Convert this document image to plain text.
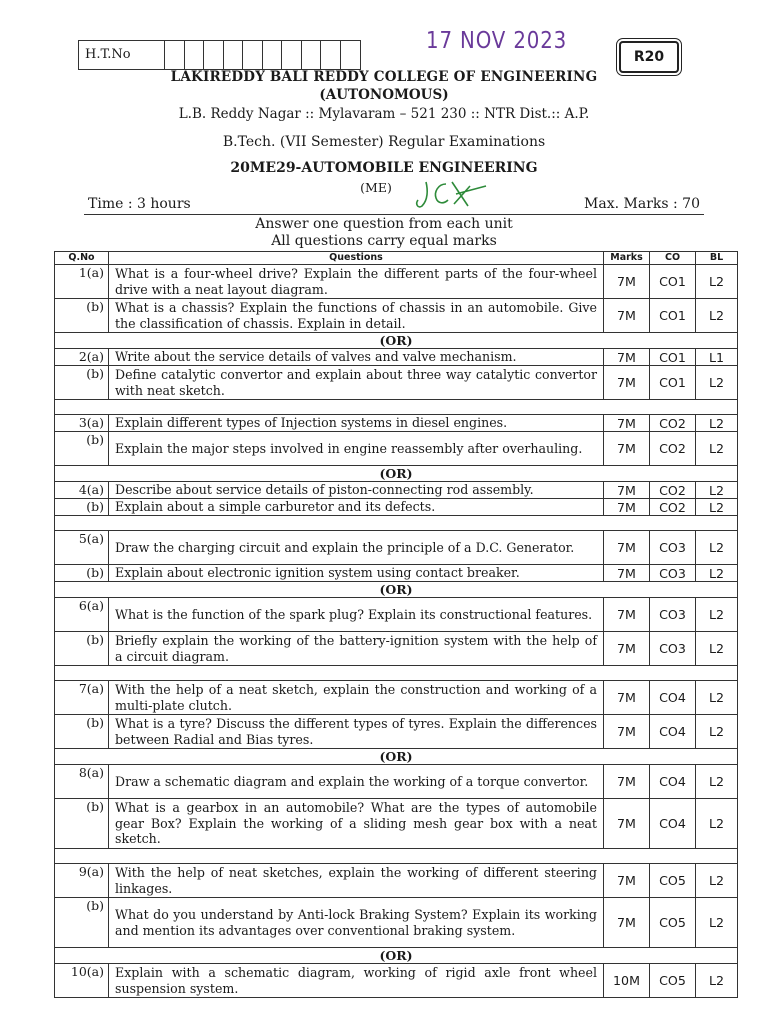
H.T.No
17 NOV 2023
R20
LAKIREDDY BALI REDDY COLLEGE OF ENGINEERING
(AUTONOMOUS)
L.B. Reddy Nagar :: Mylavaram – 521 230 :: NTR Dist.:: A.P.
B.Tech. (VII Semester) Regular Examinations
20ME29-AUTOMOBILE ENGINEERING
(ME)
Time : 3 hours	Max. Marks : 70
Answer one question from each unit
All questions carry equal marks
Q.No	Questions	Marks	CO	BL
1(a)	What is a four-wheel drive? Explain the different parts of the four-wheel drive with a neat layout diagram.	7M	CO1	L2
(b)	What is a chassis? Explain the functions of chassis in an automobile. Give the classification of chassis. Explain in detail.	7M	CO1	L2
(OR)				
2(a)	Write about the service details of valves and valve mechanism.	7M	CO1	L1
(b)	Define catalytic convertor and explain about three way catalytic convertor with neat sketch.	7M	CO1	L2

3(a)	Explain different types of Injection systems in diesel engines.	7M	CO2	L2
(b)	Explain the major steps involved in engine reassembly after overhauling.	7M	CO2	L2
(OR)				
4(a)	Describe about service details of piston-connecting rod assembly.	7M	CO2	L2
(b)	Explain about a simple carburetor and its defects.	7M	CO2	L2

5(a)	Draw the charging circuit and explain the principle of a D.C. Generator.	7M	CO3	L2
(b)	Explain about electronic ignition system using contact breaker.	7M	CO3	L2
(OR)				
6(a)	What is the function of the spark plug? Explain its constructional features.	7M	CO3	L2
(b)	Briefly explain the working of the battery-ignition system with the help of a circuit diagram.	7M	CO3	L2

7(a)	With the help of a neat sketch, explain the construction and working of a multi-plate clutch.	7M	CO4	L2
(b)	What is a tyre? Discuss the different types of tyres. Explain the differences between Radial and Bias tyres.	7M	CO4	L2
(OR)				
8(a)	Draw a schematic diagram and explain the working of a torque convertor.	7M	CO4	L2
(b)	What is a gearbox in an automobile? What are the types of automobile gear Box? Explain the working of a sliding mesh gear box with a neat sketch.	7M	CO4	L2

9(a)	With the help of neat sketches, explain the working of different steering linkages.	7M	CO5	L2
(b)	What do you understand by Anti-lock Braking System? Explain its working and mention its advantages over conventional braking system.	7M	CO5	L2
(OR)				
10(a)	Explain with a schematic diagram, working of rigid axle front wheel suspension system.	10M	CO5	L2
